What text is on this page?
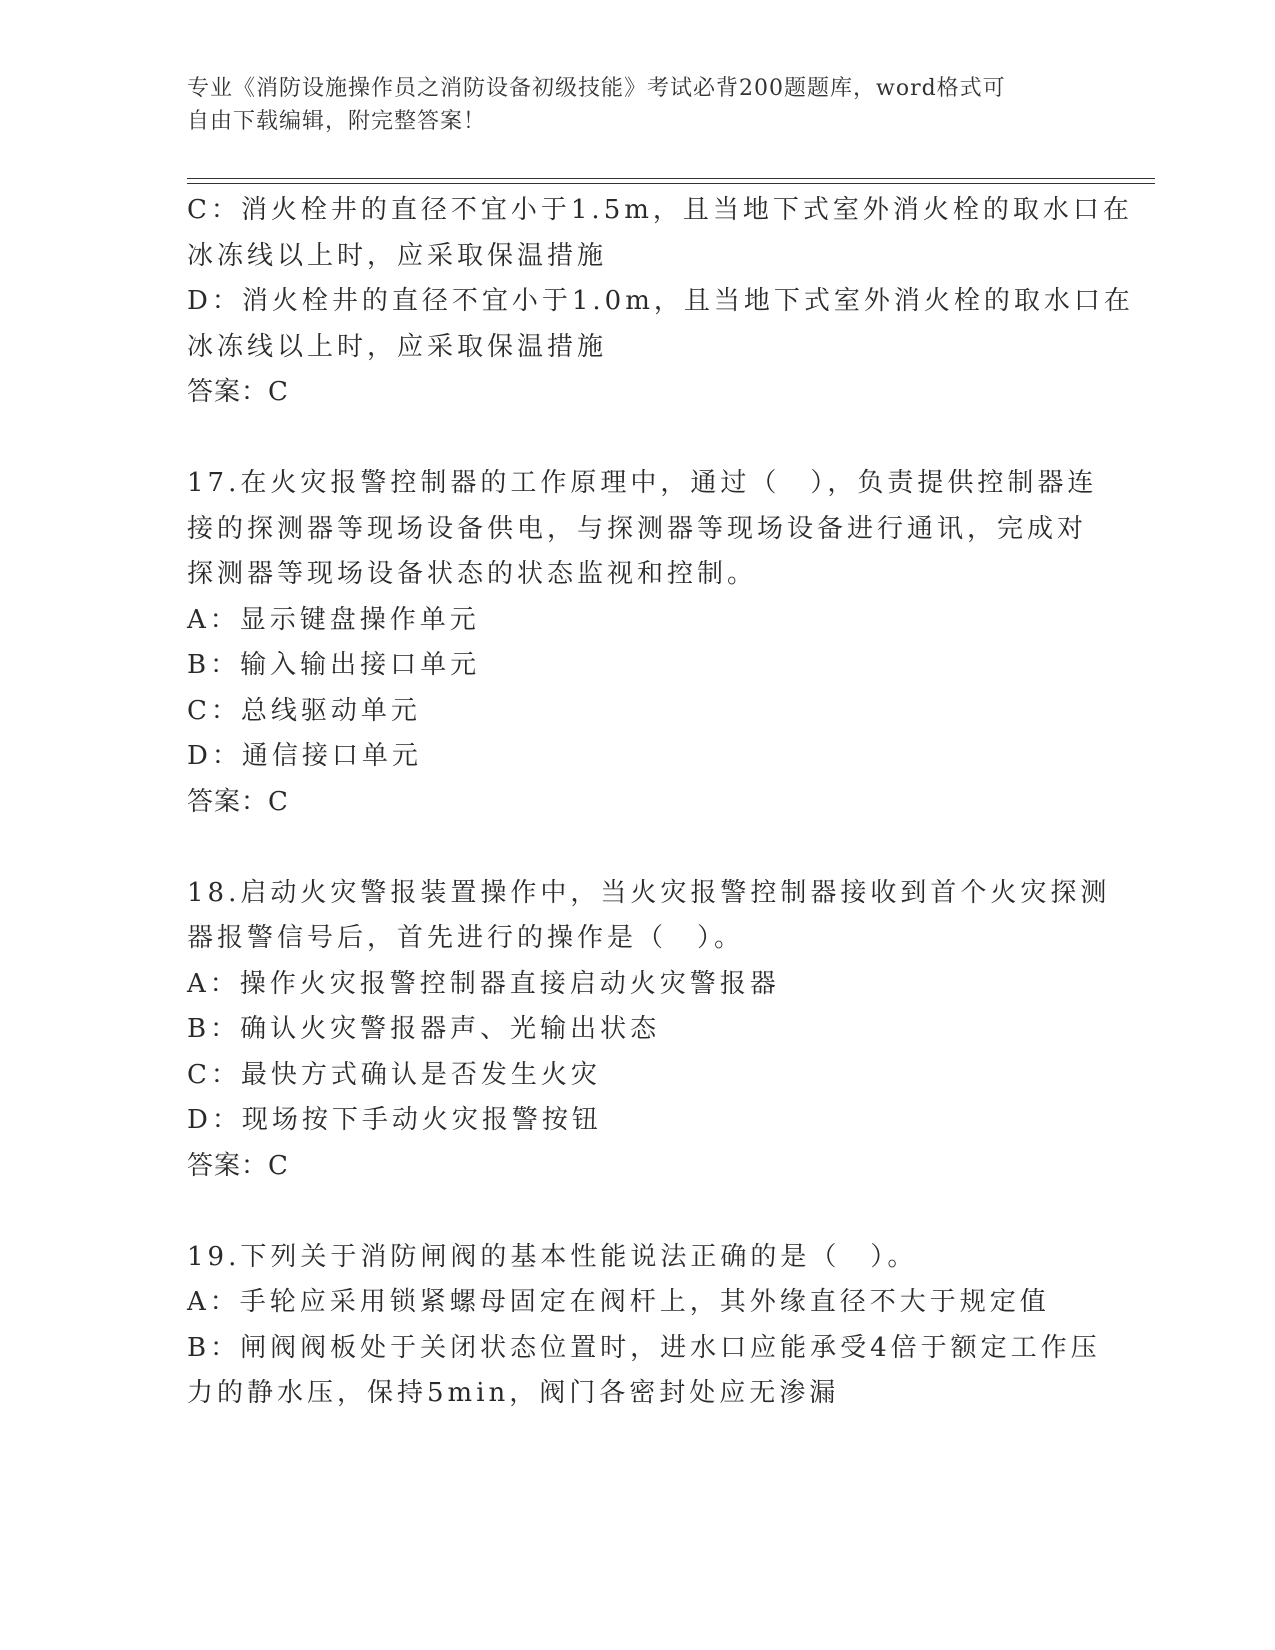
专业《消防设施操作员之消防设备初级技能》考试必背200题题库，word格式可
自由下载编辑，附完整答案！
C：消火栓井的直径不宜小于1.5m，且当地下式室外消火栓的取水口在
冰冻线以上时，应采取保温措施
D：消火栓井的直径不宜小于1.0m，且当地下式室外消火栓的取水口在
冰冻线以上时，应采取保温措施
答案：C
17.在火灾报警控制器的工作原理中，通过（　），负责提供控制器连
接的探测器等现场设备供电，与探测器等现场设备进行通讯，完成对
探测器等现场设备状态的状态监视和控制。
A：显示键盘操作单元
B：输入输出接口单元
C：总线驱动单元
D：通信接口单元
答案：C
18.启动火灾警报装置操作中，当火灾报警控制器接收到首个火灾探测
器报警信号后，首先进行的操作是（　）。
A：操作火灾报警控制器直接启动火灾警报器
B：确认火灾警报器声、光输出状态
C：最快方式确认是否发生火灾
D：现场按下手动火灾报警按钮
答案：C
19.下列关于消防闸阀的基本性能说法正确的是（　）。
A：手轮应采用锁紧螺母固定在阀杆上，其外缘直径不大于规定值
B：闸阀阀板处于关闭状态位置时，进水口应能承受4倍于额定工作压
力的静水压，保持5min，阀门各密封处应无渗漏
